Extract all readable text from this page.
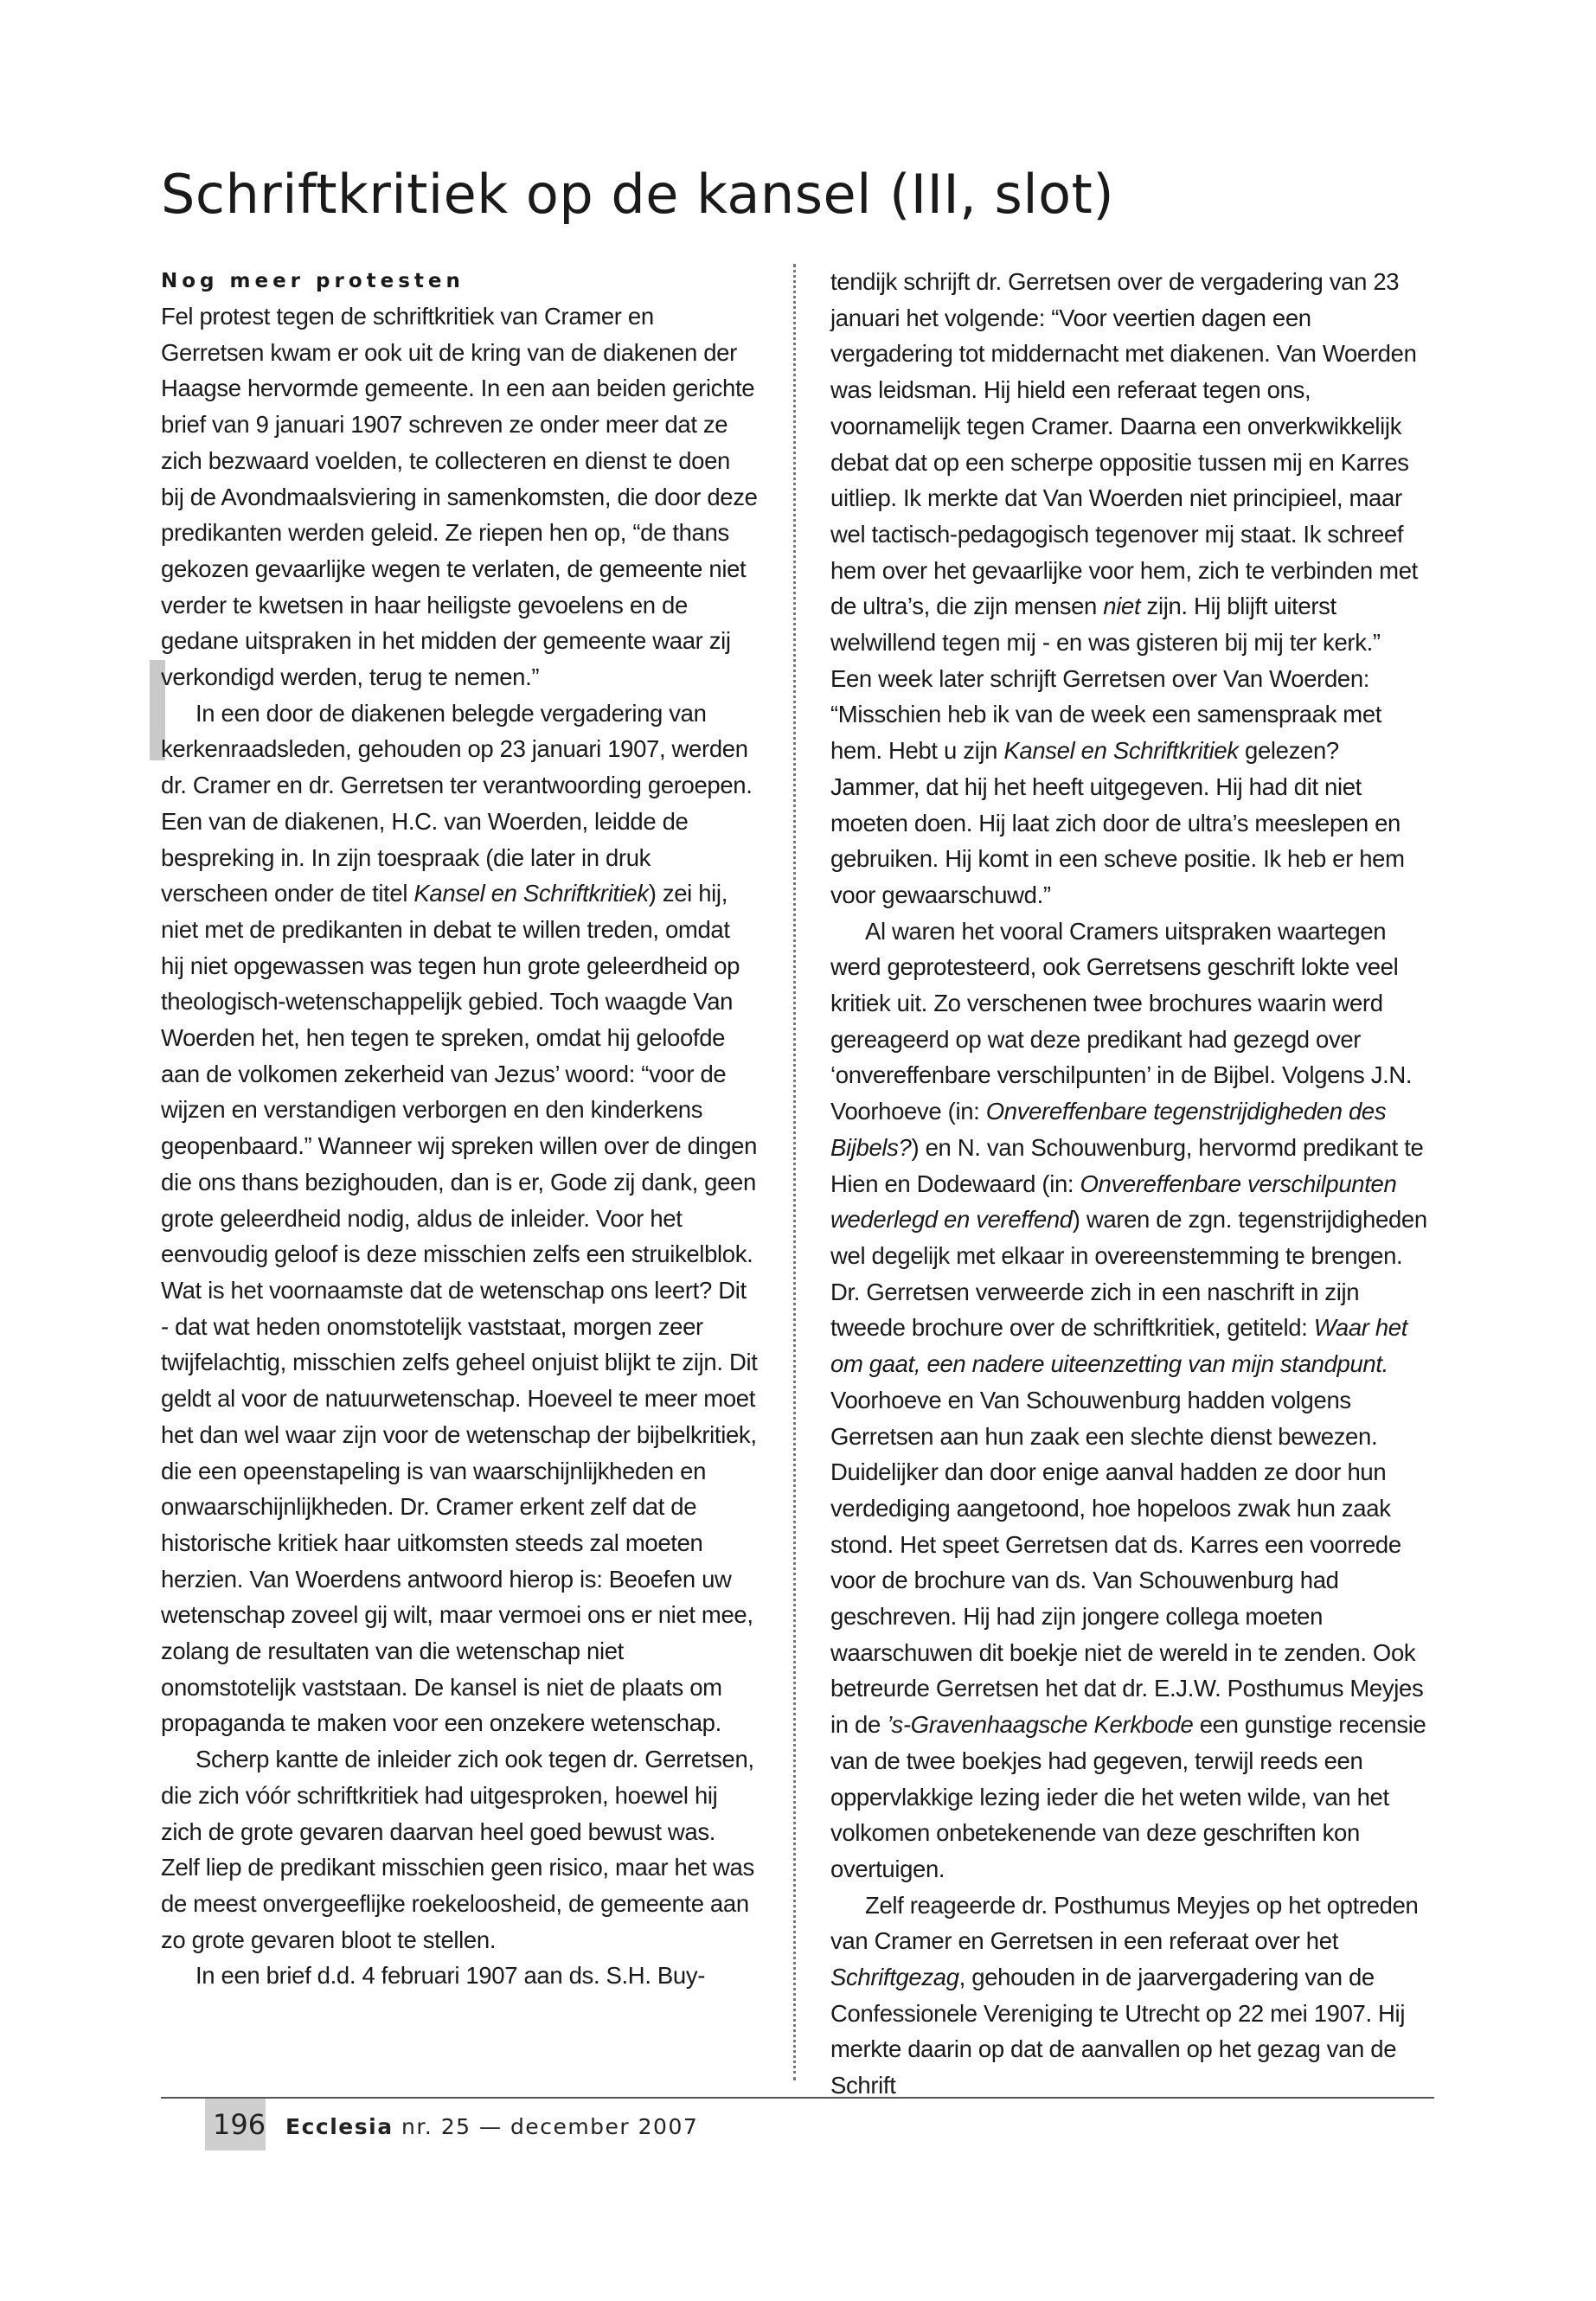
Schriftkritiek op de kansel (III, slot)
Nog meer protesten

Fel protest tegen de schriftkritiek van Cramer en Gerretsen kwam er ook uit de kring van de diakenen der Haagse hervormde gemeente. In een aan beiden gerichte brief van 9 januari 1907 schreven ze onder meer dat ze zich bezwaard voelden, te collecteren en dienst te doen bij de Avondmaalsviering in samenkomsten, die door deze predikanten werden geleid. Ze riepen hen op, “de thans gekozen gevaarlijke wegen te verlaten, de gemeente niet verder te kwetsen in haar heiligste gevoelens en de gedane uitspraken in het midden der gemeente waar zij verkondigd werden, terug te nemen.”

In een door de diakenen belegde vergadering van kerkenraadsleden, gehouden op 23 januari 1907, werden dr. Cramer en dr. Gerretsen ter verantwoording geroepen. Een van de diakenen, H.C. van Woerden, leidde de bespreking in. In zijn toespraak (die later in druk verscheen onder de titel Kansel en Schriftkritiek) zei hij, niet met de predikanten in debat te willen treden, omdat hij niet opgewassen was tegen hun grote geleerdheid op theologisch-wetenschappelijk gebied. Toch waagde Van Woerden het, hen tegen te spreken, omdat hij geloofde aan de volkomen zekerheid van Jezus’ woord: “voor de wijzen en verstandigen verborgen en den kinderkens geopenbaard.” Wanneer wij spreken willen over de dingen die ons thans bezighouden, dan is er, Gode zij dank, geen grote geleerdheid nodig, aldus de inleider. Voor het eenvoudig geloof is deze misschien zelfs een struikelblok. Wat is het voornaamste dat de wetenschap ons leert? Dit - dat wat heden onomstotelijk vaststaat, morgen zeer twijfelachtig, misschien zelfs geheel onjuist blijkt te zijn. Dit geldt al voor de natuurwetenschap. Hoeveel te meer moet het dan wel waar zijn voor de wetenschap der bijbelkritiek, die een opeenstapeling is van waarschijnlijkheden en onwaarschijnlijkheden. Dr. Cramer erkent zelf dat de historische kritiek haar uitkomsten steeds zal moeten herzien. Van Woerdens antwoord hierop is: Beoefen uw wetenschap zoveel gij wilt, maar vermoei ons er niet mee, zolang de resultaten van die wetenschap niet onomstotelijk vaststaan. De kansel is niet de plaats om propaganda te maken voor een onzekere wetenschap.

Scherp kantte de inleider zich ook tegen dr. Gerretsen, die zich vóór schriftkritiek had uitgesproken, hoewel hij zich de grote gevaren daarvan heel goed bewust was. Zelf liep de predikant misschien geen risico, maar het was de meest onvergeeflijke roekeloosheid, de gemeente aan zo grote gevaren bloot te stellen.

In een brief d.d. 4 februari 1907 aan ds. S.H. Buy-

tendijk schrijft dr. Gerretsen over de vergadering van 23 januari het volgende: “Voor veertien dagen een vergadering tot middernacht met diakenen. Van Woerden was leidsman. Hij hield een referaat tegen ons, voornamelijk tegen Cramer. Daarna een onverkwikkelijk debat dat op een scherpe oppositie tussen mij en Karres uitliep. Ik merkte dat Van Woerden niet principieel, maar wel tactisch-pedagogisch tegenover mij staat. Ik schreef hem over het gevaarlijke voor hem, zich te verbinden met de ultra’s, die zijn mensen niet zijn. Hij blijft uiterst welwillend tegen mij - en was gisteren bij mij ter kerk.” Een week later schrijft Gerretsen over Van Woerden: “Misschien heb ik van de week een samenspraak met hem. Hebt u zijn Kansel en Schriftkritiek gelezen? Jammer, dat hij het heeft uitgegeven. Hij had dit niet moeten doen. Hij laat zich door de ultra’s meeslepen en gebruiken. Hij komt in een scheve positie. Ik heb er hem voor gewaarschuwd.”

Al waren het vooral Cramers uitspraken waartegen werd geprotesteerd, ook Gerretsens geschrift lokte veel kritiek uit. Zo verschenen twee brochures waarin werd gereageerd op wat deze predikant had gezegd over ‘onvereffenbare verschilpunten’ in de Bijbel. Volgens J.N. Voorhoeve (in: Onvereffenbare tegenstrijdigheden des Bijbels?) en N. van Schouwenburg, hervormd predikant te Hien en Dodewaard (in: Onvereffenbare verschilpunten wederlegd en vereffend) waren de zgn. tegenstrijdigheden wel degelijk met elkaar in overeenstemming te brengen. Dr. Gerretsen verweerde zich in een naschrift in zijn tweede brochure over de schriftkritiek, getiteld: Waar het om gaat, een nadere uiteenzetting van mijn standpunt. Voorhoeve en Van Schouwenburg hadden volgens Gerretsen aan hun zaak een slechte dienst bewezen. Duidelijker dan door enige aanval hadden ze door hun verdediging aangetoond, hoe hopeloos zwak hun zaak stond. Het speet Gerretsen dat ds. Karres een voorrede voor de brochure van ds. Van Schouwenburg had geschreven. Hij had zijn jongere collega moeten waarschuwen dit boekje niet de wereld in te zenden. Ook betreurde Gerretsen het dat dr. E.J.W. Posthumus Meyjes in de ’s-Gravenhaagsche Kerkbode een gunstige recensie van de twee boekjes had gegeven, terwijl reeds een oppervlakkige lezing ieder die het weten wilde, van het volkomen onbetekenende van deze geschriften kon overtuigen.

Zelf reageerde dr. Posthumus Meyjes op het optreden van Cramer en Gerretsen in een referaat over het Schriftgezag, gehouden in de jaarvergadering van de Confessionele Vereniging te Utrecht op 22 mei 1907. Hij merkte daarin op dat de aanvallen op het gezag van de Schrift

196 Ecclesia nr. 25 — december 2007
